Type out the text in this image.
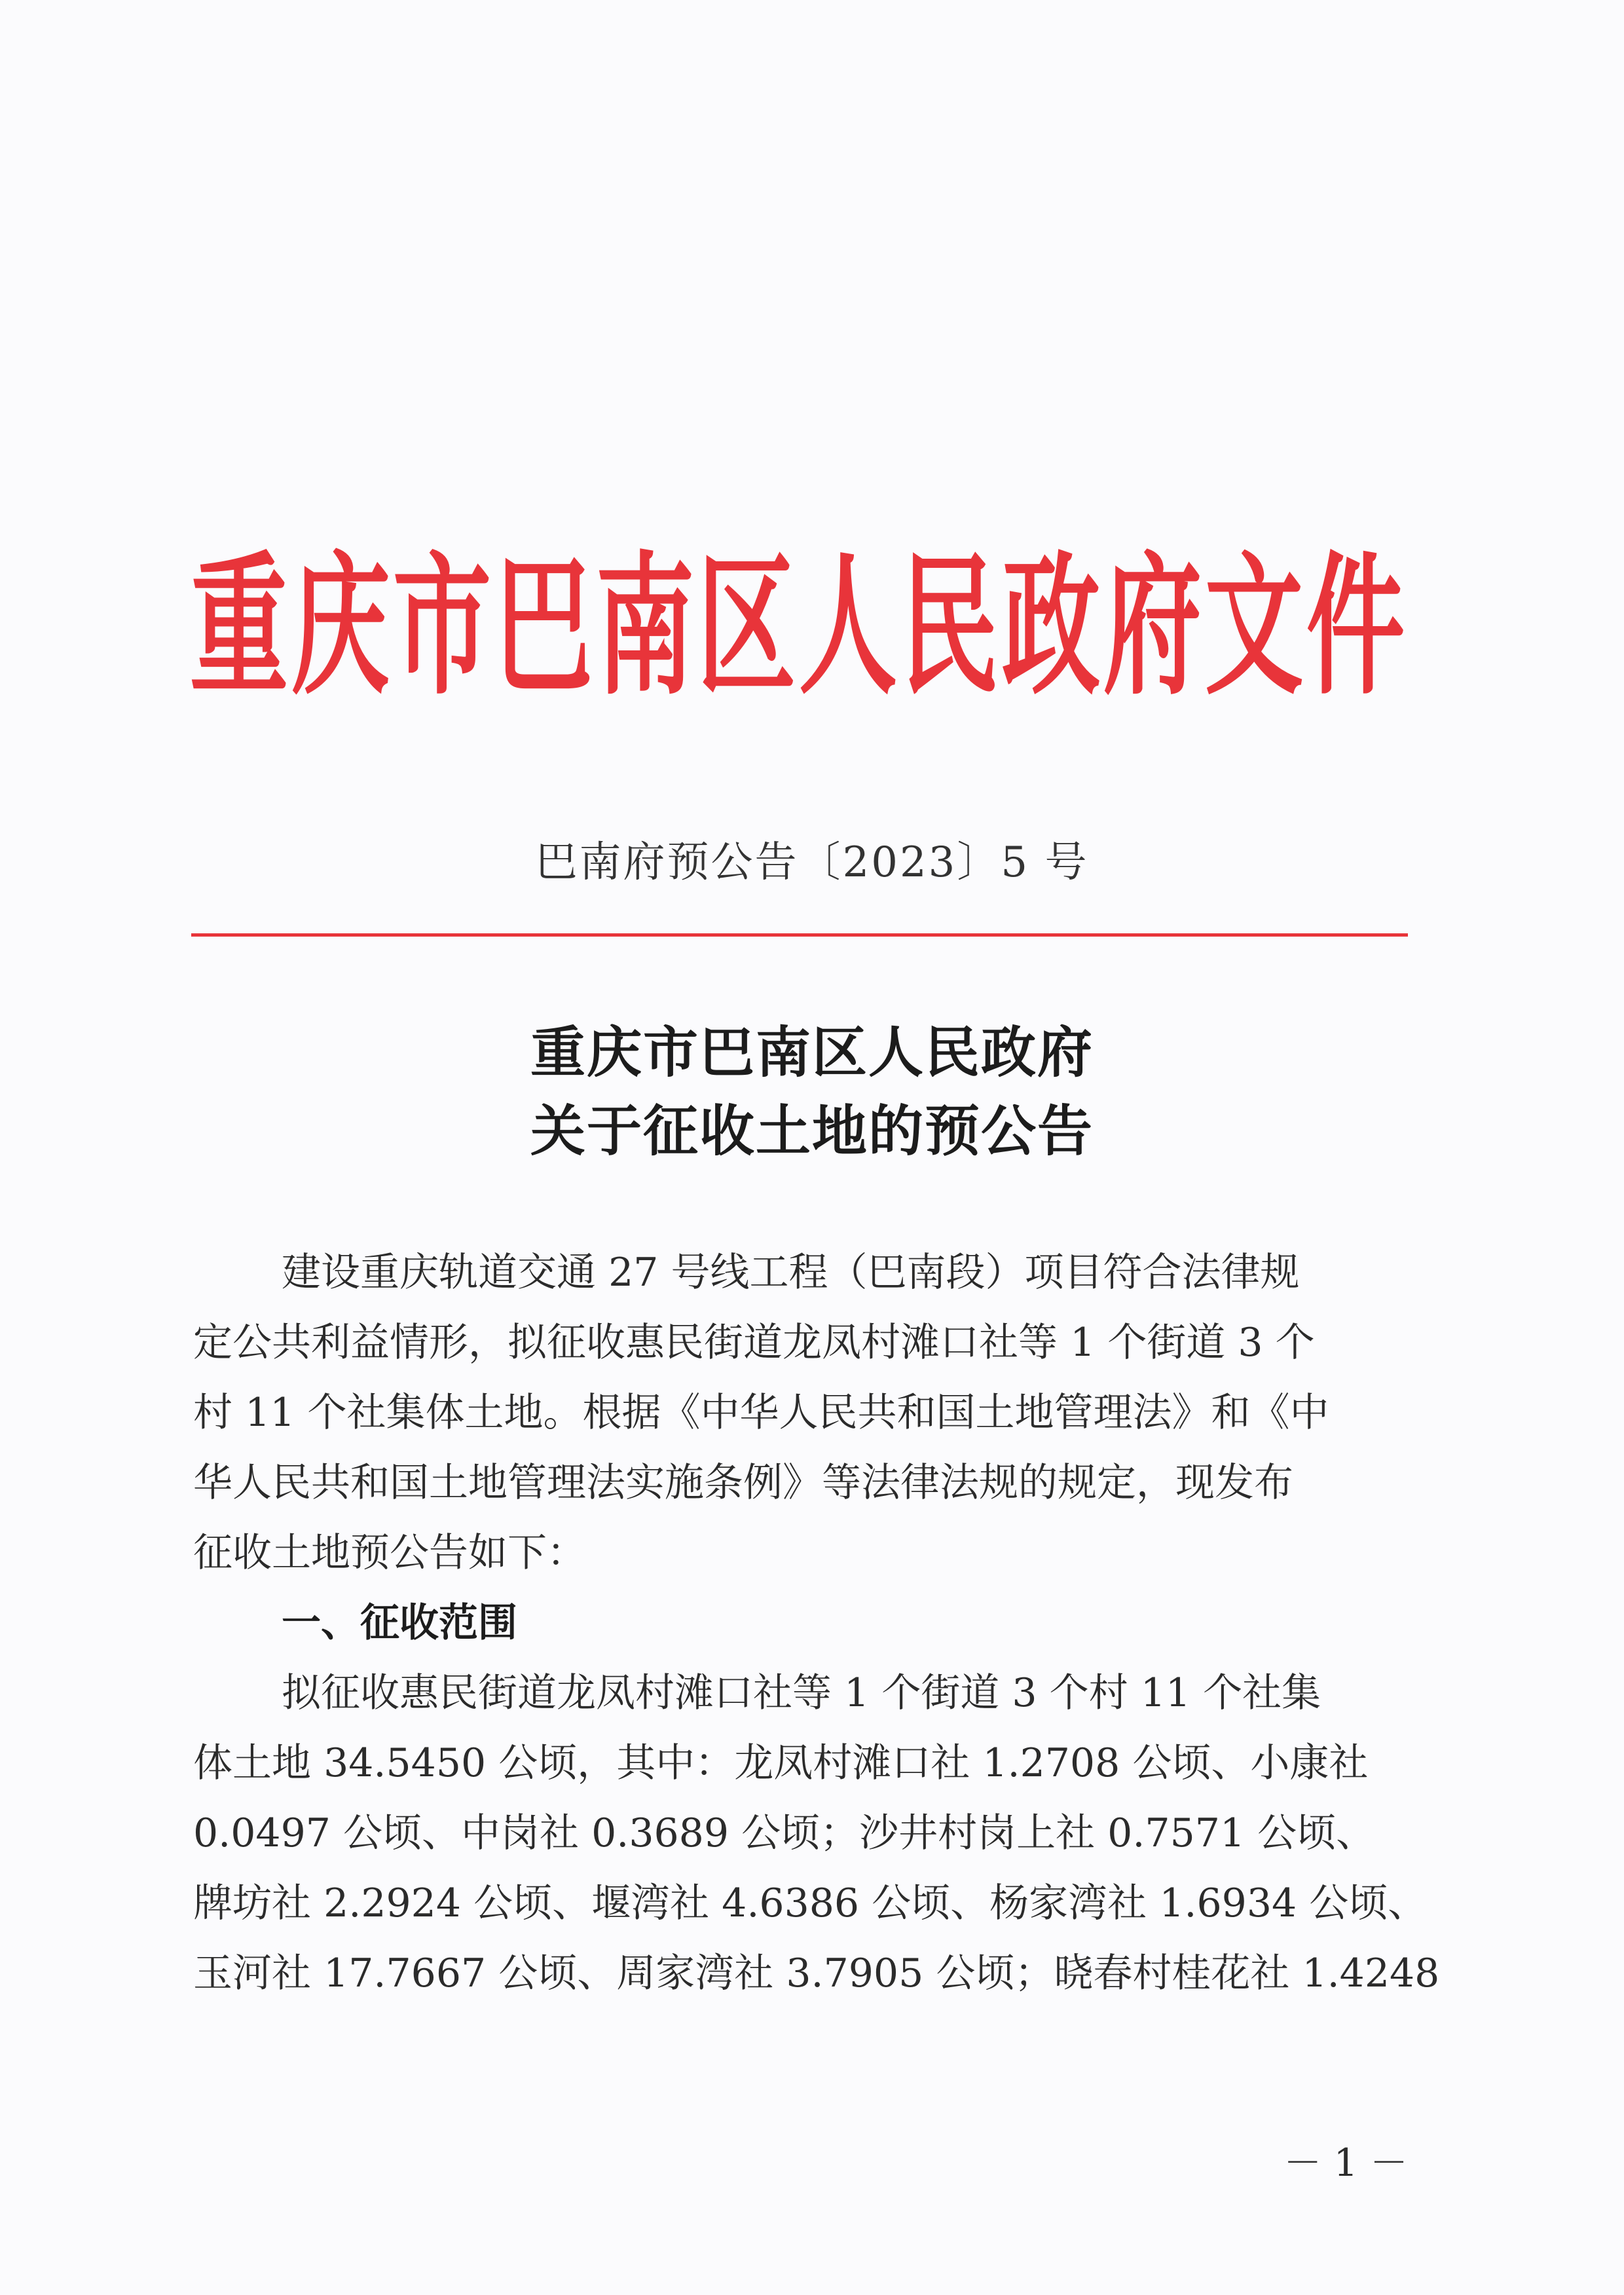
重庆市巴南区人民政府文件
巴南府预公告〔2023〕5 号
重庆市巴南区人民政府
关于征收土地的预公告
建设重庆轨道交通 27 号线工程（巴南段）项目符合法律规
定公共利益情形，拟征收惠民街道龙凤村滩口社等 1 个街道 3 个
村 11 个社集体土地。根据《中华人民共和国土地管理法》和《中
华人民共和国土地管理法实施条例》等法律法规的规定，现发布
征收土地预公告如下：
一、征收范围
拟征收惠民街道龙凤村滩口社等 1 个街道 3 个村 11 个社集
体土地 34.5450 公顷，其中：龙凤村滩口社 1.2708 公顷、小康社
0.0497 公顷、中岗社 0.3689 公顷；沙井村岗上社 0.7571 公顷、
牌坊社 2.2924 公顷、堰湾社 4.6386 公顷、杨家湾社 1.6934 公顷、
玉河社 17.7667 公顷、周家湾社 3.7905 公顷；晓春村桂花社 1.4248
－ 1 －
